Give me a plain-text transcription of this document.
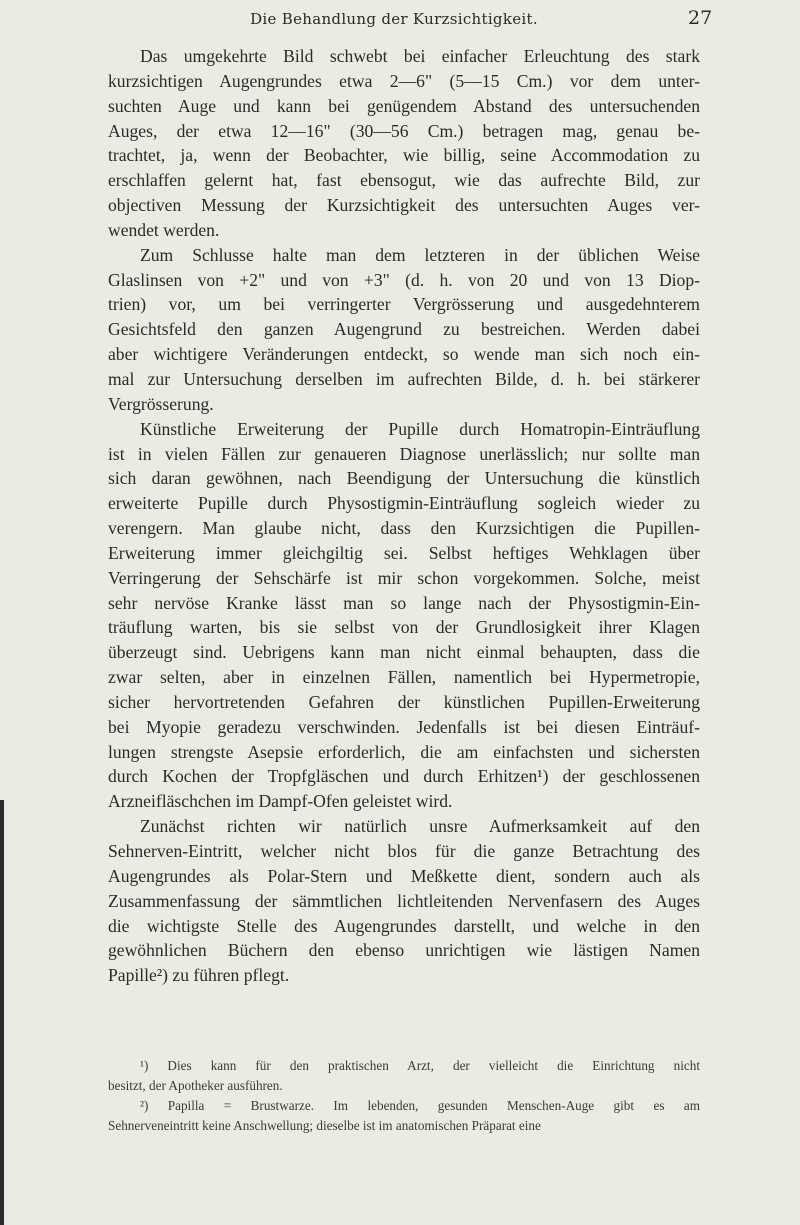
Die Behandlung der Kurzsichtigkeit.	27
Das umgekehrte Bild schwebt bei einfacher Erleuchtung des stark
kurzsichtigen Augengrundes etwa 2—6" (5—15 Cm.) vor dem unter-
suchten Auge und kann bei genügendem Abstand des untersuchenden
Auges, der etwa 12—16" (30—56 Cm.) betragen mag, genau be-
trachtet, ja, wenn der Beobachter, wie billig, seine Accommodation zu
erschlaffen gelernt hat, fast ebensogut, wie das aufrechte Bild, zur
objectiven Messung der Kurzsichtigkeit des untersuchten Auges ver-
wendet werden.
Zum Schlusse halte man dem letzteren in der üblichen Weise
Glaslinsen von +2" und von +3" (d. h. von 20 und von 13 Diop-
trien) vor, um bei verringerter Vergrösserung und ausgedehnterem
Gesichtsfeld den ganzen Augengrund zu bestreichen. Werden dabei
aber wichtigere Veränderungen entdeckt, so wende man sich noch ein-
mal zur Untersuchung derselben im aufrechten Bilde, d. h. bei stärkerer
Vergrösserung.
Künstliche Erweiterung der Pupille durch Homatropin-Einträuflung
ist in vielen Fällen zur genaueren Diagnose unerlässlich; nur sollte man
sich daran gewöhnen, nach Beendigung der Untersuchung die künstlich
erweiterte Pupille durch Physostigmin-Einträuflung sogleich wieder zu
verengern. Man glaube nicht, dass den Kurzsichtigen die Pupillen-
Erweiterung immer gleichgiltig sei. Selbst heftiges Wehklagen über
Verringerung der Sehschärfe ist mir schon vorgekommen. Solche, meist
sehr nervöse Kranke lässt man so lange nach der Physostigmin-Ein-
träuflung warten, bis sie selbst von der Grundlosigkeit ihrer Klagen
überzeugt sind. Uebrigens kann man nicht einmal behaupten, dass die
zwar selten, aber in einzelnen Fällen, namentlich bei Hypermetropie,
sicher hervortretenden Gefahren der künstlichen Pupillen-Erweiterung
bei Myopie geradezu verschwinden. Jedenfalls ist bei diesen Einträuf-
lungen strengste Asepsie erforderlich, die am einfachsten und sichersten
durch Kochen der Tropfgläschen und durch Erhitzen¹) der geschlossenen
Arzneifläschchen im Dampf-Ofen geleistet wird.
Zunächst richten wir natürlich unsre Aufmerksamkeit auf den
Sehnerven-Eintritt, welcher nicht blos für die ganze Betrachtung des
Augengrundes als Polar-Stern und Meßkette dient, sondern auch als
Zusammenfassung der sämmtlichen lichtleitenden Nervenfasern des Auges
die wichtigste Stelle des Augengrundes darstellt, und welche in den
gewöhnlichen Büchern den ebenso unrichtigen wie lästigen Namen
Papille²) zu führen pflegt.
¹) Dies kann für den praktischen Arzt, der vielleicht die Einrichtung nicht
besitzt, der Apotheker ausführen.
²) Papilla = Brustwarze. Im lebenden, gesunden Menschen-Auge gibt es am
Sehnerveneintritt keine Anschwellung; dieselbe ist im anatomischen Präparat eine
